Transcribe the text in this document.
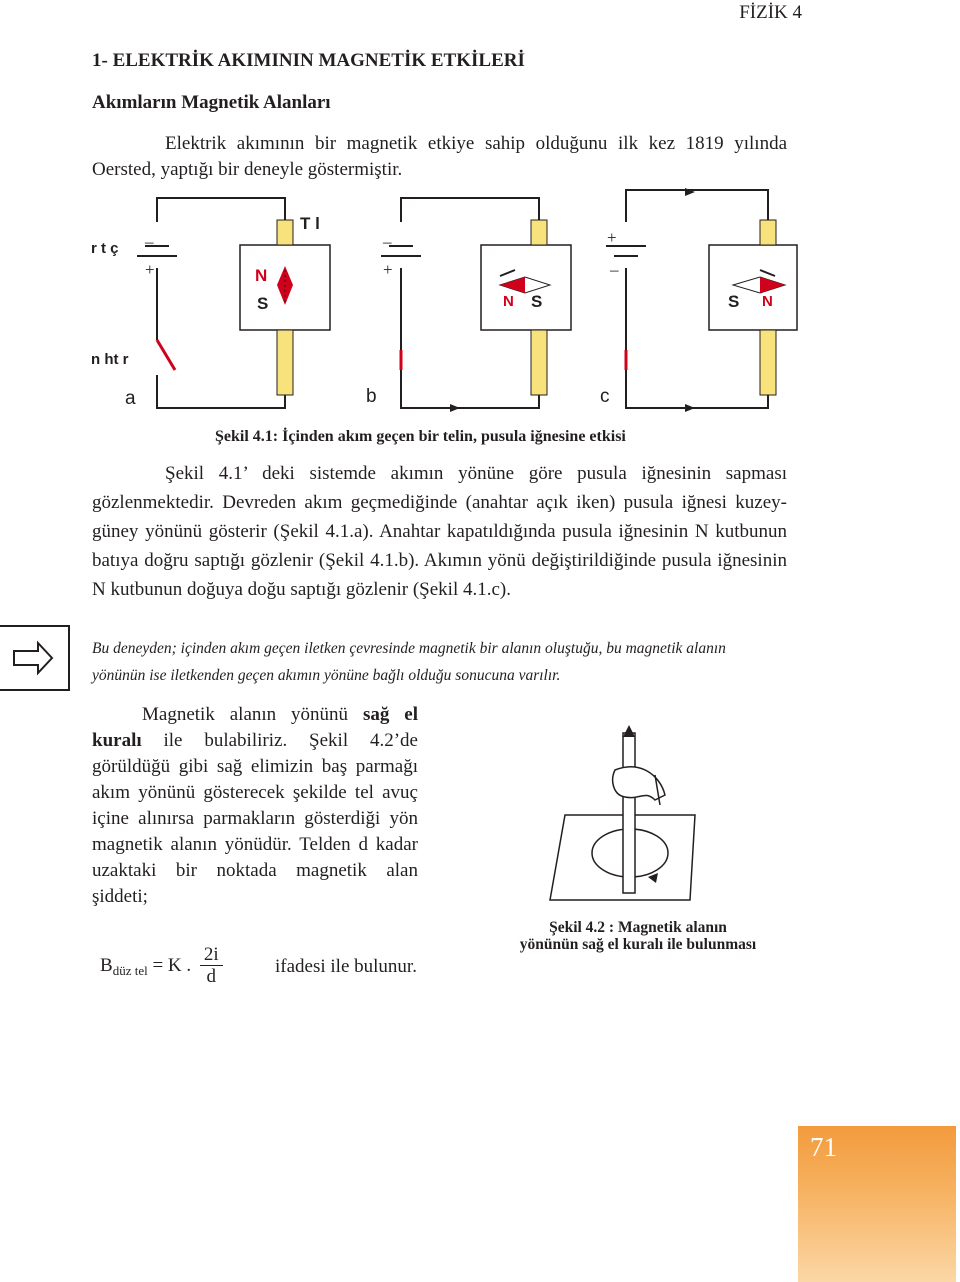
FİZİK 4
1- ELEKTRİK AKIMININ MAGNETİK ETKİLERİ
Akımların Magnetik Alanları
Elektrik akımının bir magnetik etkiye sahip olduğunu ilk kez 1819 yılında Oersted, yaptığı bir deneyle göstermiştir.
r t ç
n ht r
T l
–
+
–
+
+
–
N
S	N S	S N
a	b	c
Şekil 4.1: İçinden akım geçen bir telin, pusula iğnesine etkisi
Şekil 4.1’ deki sistemde akımın yönüne göre pusula iğnesinin sapması gözlenmektedir. Devreden akım geçmediğinde (anahtar açık iken) pusula iğnesi kuzey-güney yönünü gösterir (Şekil 4.1.a). Anahtar kapatıldığında pusula iğnesinin N kutbunun batıya doğru saptığı gözlenir (Şekil 4.1.b). Akımın yönü değiştirildiğinde pusula iğnesinin N kutbunun doğuya doğu saptığı gözlenir (Şekil 4.1.c).
Bu deneyden; içinden akım geçen iletken çevresinde magnetik bir alanın oluştuğu, bu magnetik alanın yönünün ise iletkenden geçen akımın yönüne bağlı olduğu sonucuna varılır.
Magnetik alanın yönünü sağ el kuralı ile bulabiliriz. Şekil 4.2’de görüldüğü gibi sağ elimizin baş parmağı akım yönünü gösterecek şekilde tel avuç içine alınırsa parmakların gösterdiği yön magnetik alanın yönüdür. Telden d kadar uzaktaki bir noktada magnetik alan şiddeti;
Şekil 4.2 : Magnetik alanın
yönünün sağ el kuralı ile bulunması
$B_{düz tel} = K$ . $\frac{2i}{d}$	ifadesi ile bulunur.
71
